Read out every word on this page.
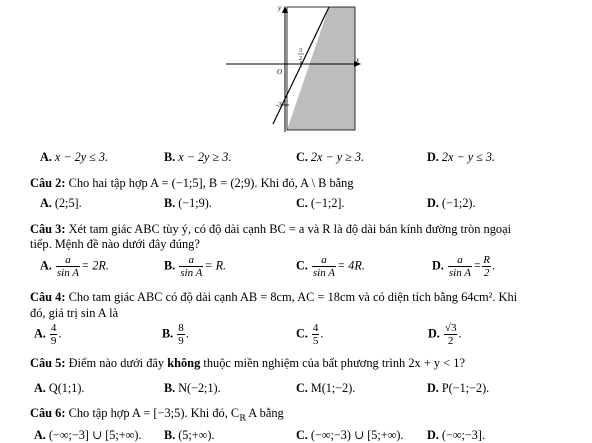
y
x
O
3
2
-3
A. x − 2y ≤ 3.	B. x − 2y ≥ 3.	C. 2x − y ≥ 3.	D. 2x − y ≤ 3.
Câu 2: Cho hai tập hợp A = (−1;5], B = (2;9). Khi đó, A \ B bằng
A. (2;5].	B. (−1;9).	C. (−1;2].	D. (−1;2).
Câu 3: Xét tam giác ABC tùy ý, có độ dài cạnh BC = a và R là độ dài bán kính đường tròn ngoại
tiếp. Mệnh đề nào dưới đây đúng?
A. $\frac{a}{\text{sin A}} = 2R$.	B. $\frac{a}{\text{sin A}} = R$.	C. $\frac{a}{\text{sin A}} = 4R$.	D. $\frac{a}{\text{sin A}} = \frac{R}{2}$ .
Câu 4: Cho tam giác ABC có độ dài cạnh AB = 8cm, AC = 18cm và có diện tích bằng 64cm². Khi
đó, giá trị sin A là
A. $\frac{4}{9}$ .	B. $\frac{8}{9}$ .	C. $\frac{4}{5}$ .	D. $\frac{√3}{2}$ .
Câu 5: Điểm nào dưới đây không thuộc miền nghiệm của bất phương trình 2x + y < 1?
A. Q(1;1).	B. N(−2;1).	C. M(1;−2).	D. P(−1;−2).
Câu 6: Cho tập hợp A = [−3;5). Khi đó, $C_ℝ$ A bằng
A. (−∞;−3] ∪ [5;+∞). B. (5;+∞).	C. (−∞;−3) ∪ [5;+∞). D. (−∞;−3].
